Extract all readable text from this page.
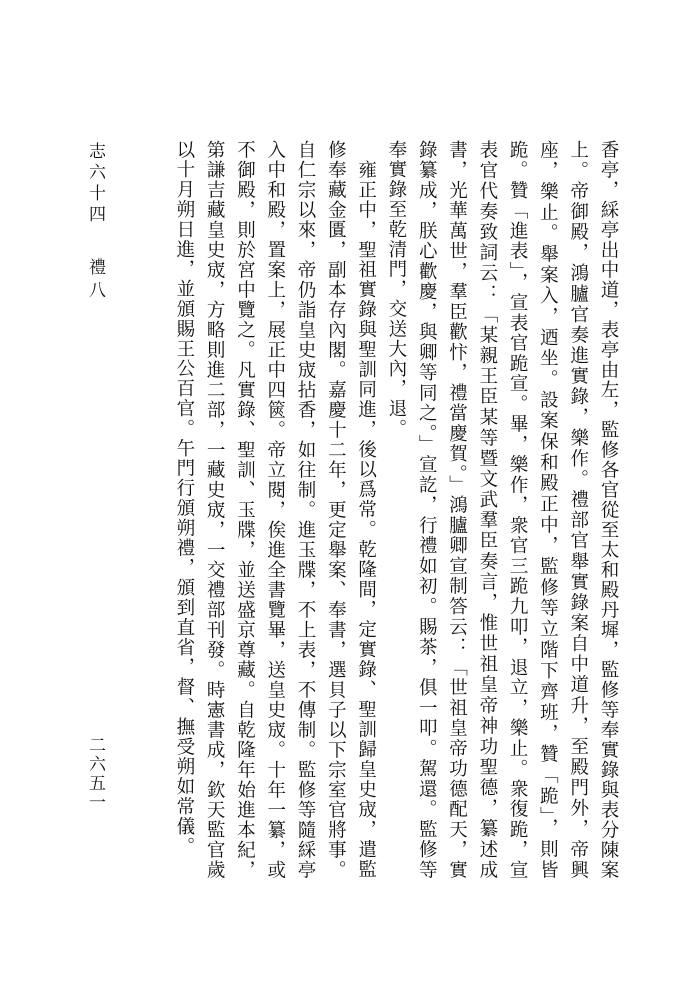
志六十四
禮八
二六五一	香亭，綵亭出中道，表亭由左，監修各官從至太和殿丹墀，監修等奉實錄與表分陳案上。帝御殿，鴻臚官奏進實錄，樂作。禮部官舉實錄案自中道升，至殿門外，帝興座，樂止。舉案入，迺坐。設案保和殿正中，監修等立階下齊班，贊「跪」，則皆跪。贊「進表」，宣表官跪宣。畢，樂作，衆官三跪九叩，退立，樂止。衆復跪，宣表官代奏致詞云：「某親王臣某等暨文武羣臣奏言，惟世祖皇帝神功聖德，纂述成書，光華萬世，羣臣歡忭，禮當慶賀。」鴻臚卿宣制答云：「世祖皇帝功德配天，實錄纂成，朕心歡慶，與卿等同之。」宣訖，行禮如初。賜茶，俱一叩。駕還。監修等奉實錄至乾清門，交送大內，退。

雍正中，聖祖實錄與聖訓同進，後以爲常。乾隆間，定實錄、聖訓歸皇史宬，遣監修奉藏金匱，副本存內閣。嘉慶十二年，更定舉案、奉書，選貝子以下宗室官將事。自仁宗以來，帝仍詣皇史宬拈香，如往制。進玉牒，不上表，不傳制。監修等隨綵亭入中和殿，置案上，展正中四篋。帝立閱，俟進全書覽畢，送皇史宬。十年一纂，或不御殿，則於宮中覽之。凡實錄、聖訓、玉牒，並送盛京尊藏。自乾隆年始進本紀，第謙吉藏皇史宬，方略則進二部，一藏史宬，一交禮部刊發。時憲書成，欽天監官歲以十月朔日進，並頒賜王公百官。午門行頒朔禮，頒到直省，督、撫受朔如常儀。
